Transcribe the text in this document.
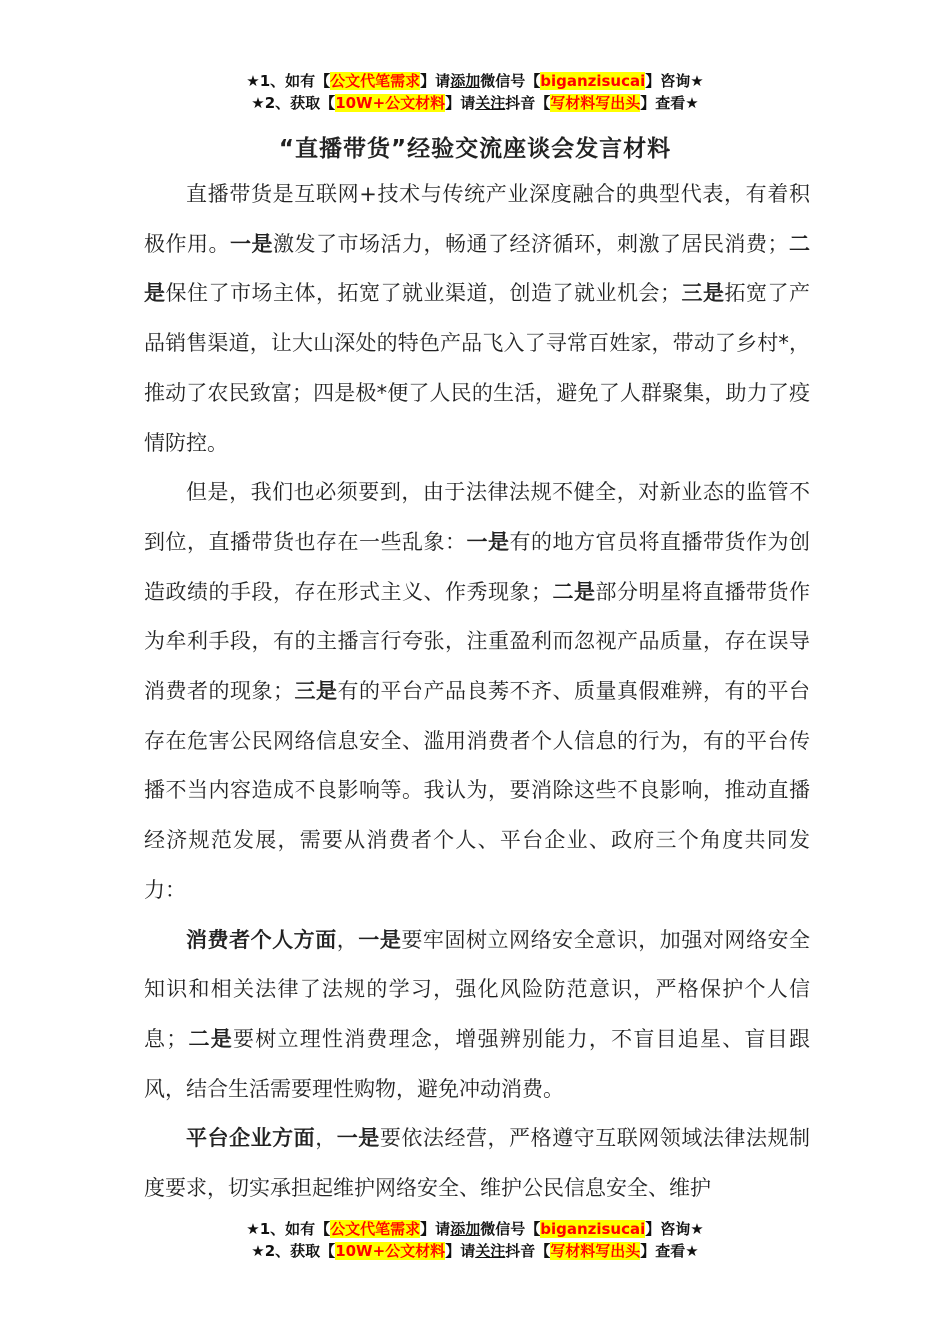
★1、如有【公文代笔需求】请添加微信号【biganzisucai】咨询★
★2、获取【10W+公文材料】请关注抖音【写材料写出头】查看★
“直播带货”经验交流座谈会发言材料

直播带货是互联网+技术与传统产业深度融合的典型代表，有着积极作用。一是激发了市场活力，畅通了经济循环，刺激了居民消费；二是保住了市场主体，拓宽了就业渠道，创造了就业机会；三是拓宽了产品销售渠道，让大山深处的特色产品飞入了寻常百姓家，带动了乡村*，推动了农民致富；四是极*便了人民的生活，避免了人群聚集，助力了疫情防控。

但是，我们也必须要到，由于法律法规不健全，对新业态的监管不到位，直播带货也存在一些乱象：一是有的地方官员将直播带货作为创造政绩的手段，存在形式主义、作秀现象；二是部分明星将直播带货作为牟利手段，有的主播言行夸张，注重盈利而忽视产品质量，存在误导消费者的现象；三是有的平台产品良莠不齐、质量真假难辨，有的平台存在危害公民网络信息安全、滥用消费者个人信息的行为，有的平台传播不当内容造成不良影响等。我认为，要消除这些不良影响，推动直播经济规范发展，需要从消费者个人、平台企业、政府三个角度共同发力：

消费者个人方面，一是要牢固树立网络安全意识，加强对网络安全知识和相关法律了法规的学习，强化风险防范意识，严格保护个人信息；二是要树立理性消费理念，增强辨别能力，不盲目追星、盲目跟风，结合生活需要理性购物，避免冲动消费。

平台企业方面，一是要依法经营，严格遵守互联网领域法律法规制度要求，切实承担起维护网络安全、维护公民信息安全、维护

★1、如有【公文代笔需求】请添加微信号【biganzisucai】咨询★
★2、获取【10W+公文材料】请关注抖音【写材料写出头】查看★
